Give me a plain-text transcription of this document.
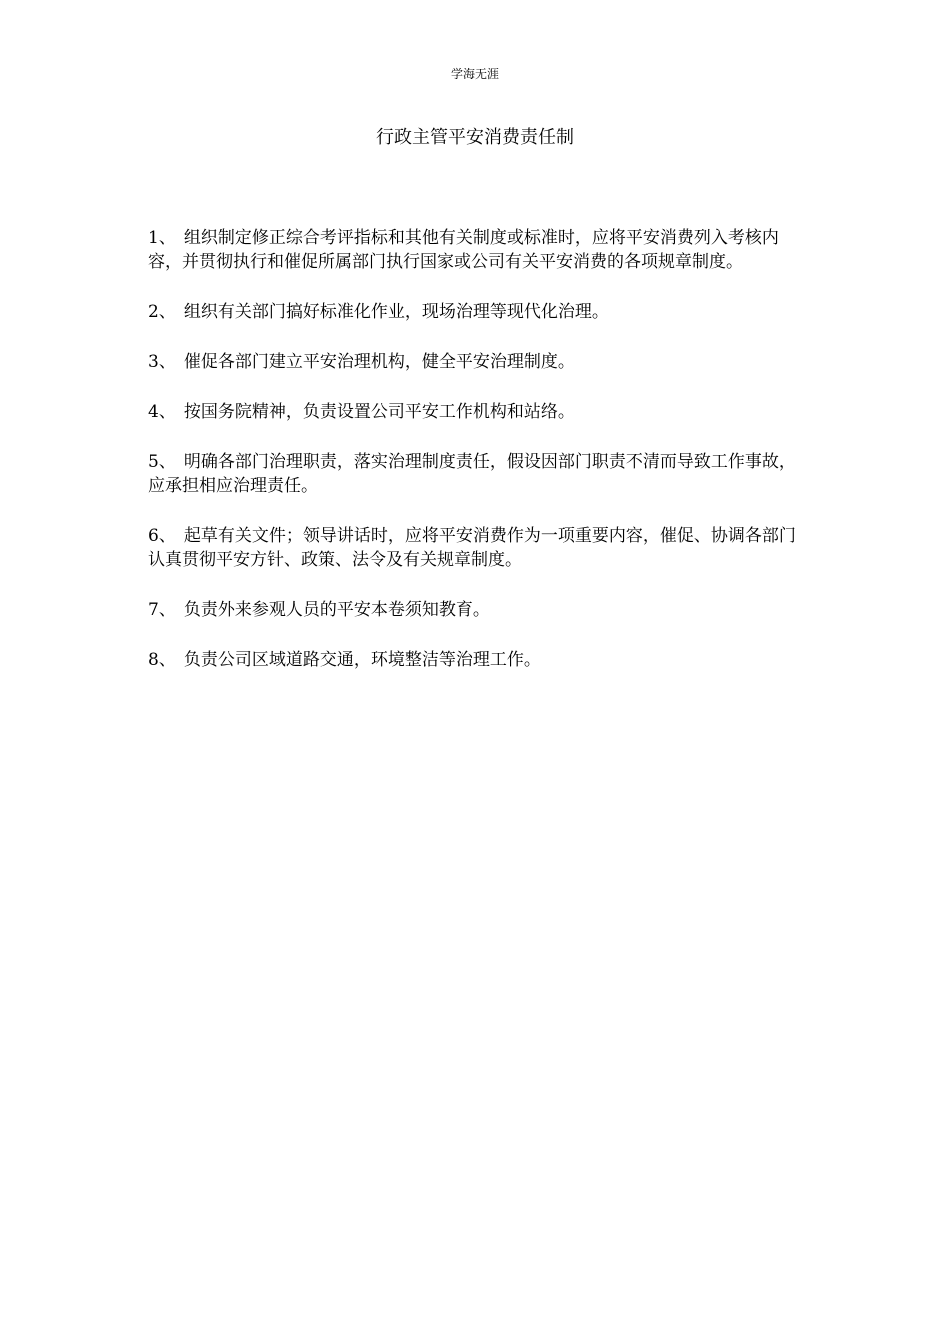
学海无涯
行政主管平安消费责任制
1、 组织制定修正综合考评指标和其他有关制度或标准时，应将平安消费列入考核内容，并贯彻执行和催促所属部门执行国家或公司有关平安消费的各项规章制度。
2、 组织有关部门搞好标准化作业，现场治理等现代化治理。
3、 催促各部门建立平安治理机构，健全平安治理制度。
4、 按国务院精神，负责设置公司平安工作机构和站络。
5、 明确各部门治理职责，落实治理制度责任，假设因部门职责不清而导致工作事故，应承担相应治理责任。
6、 起草有关文件；领导讲话时，应将平安消费作为一项重要内容，催促、协调各部门认真贯彻平安方针、政策、法令及有关规章制度。
7、 负责外来参观人员的平安本卷须知教育。
8、 负责公司区域道路交通，环境整洁等治理工作。
